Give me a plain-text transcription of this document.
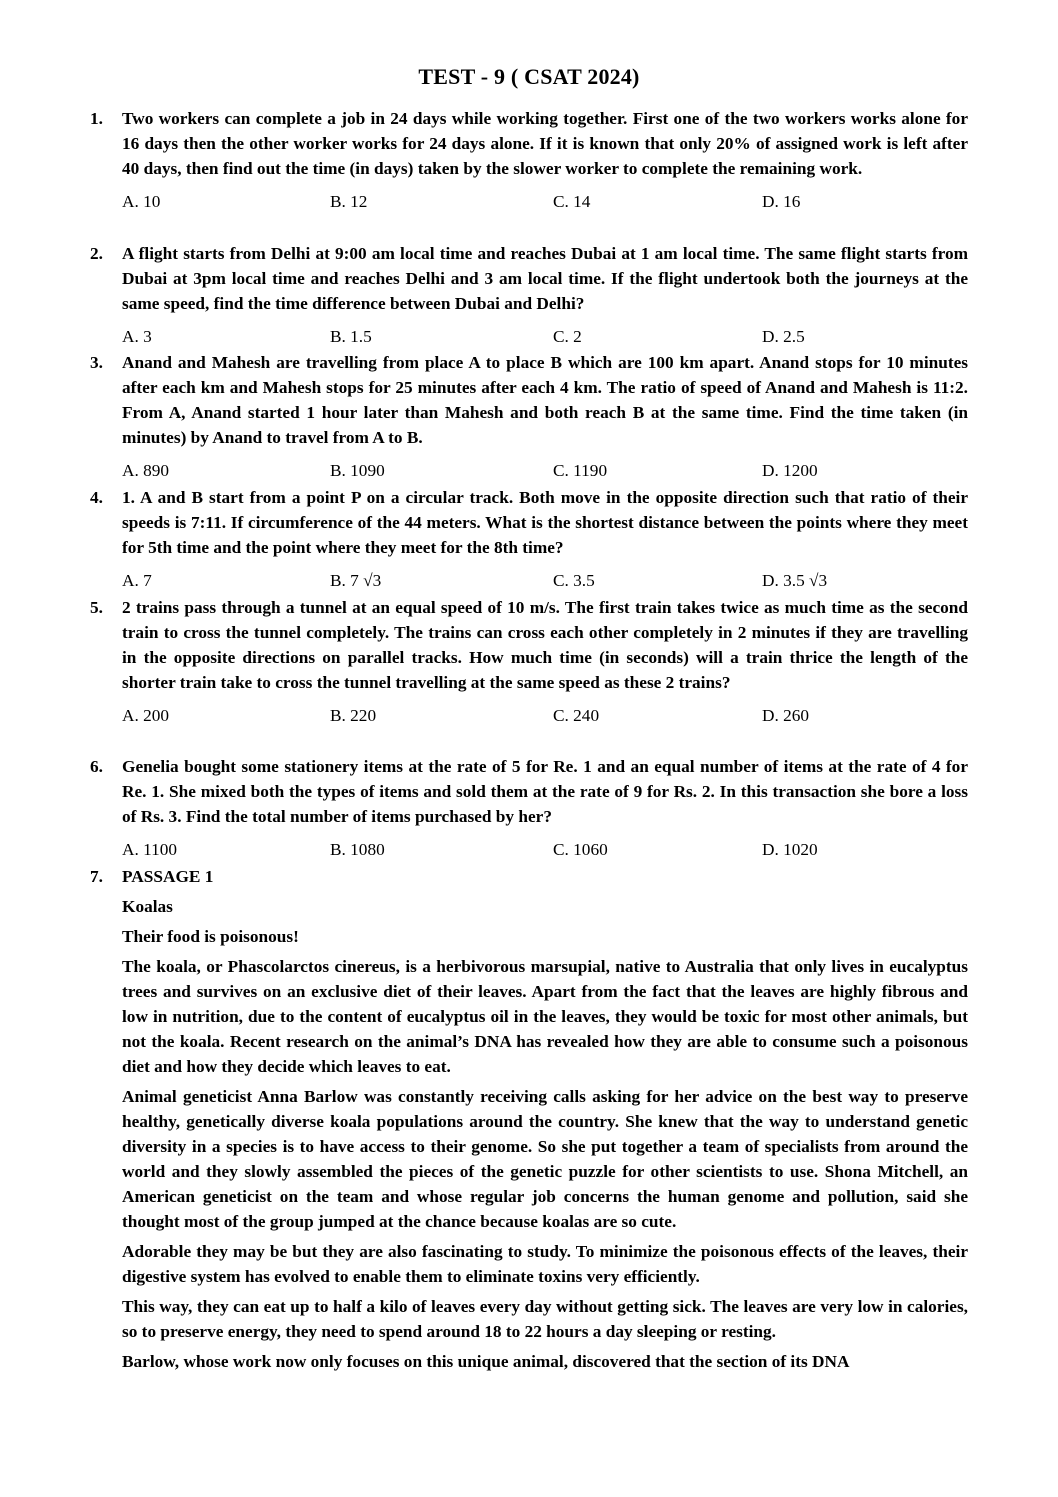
TEST - 9 ( CSAT 2024)
1. Two workers can complete a job in 24 days while working together. First one of the two workers works alone for 16 days then the other worker works for 24 days alone. If it is known that only 20% of assigned work is left after 40 days, then find out the time (in days) taken by the slower worker to complete the remaining work.
A. 10	B. 12	C. 14	D. 16
2. A flight starts from Delhi at 9:00 am local time and reaches Dubai at 1 am local time. The same flight starts from Dubai at 3pm local time and reaches Delhi and 3 am local time. If the flight undertook both the journeys at the same speed, find the time difference between Dubai and Delhi?
A. 3	B. 1.5	C. 2	D. 2.5
3. Anand and Mahesh are travelling from place A to place B which are 100 km apart. Anand stops for 10 minutes after each km and Mahesh stops for 25 minutes after each 4 km. The ratio of speed of Anand and Mahesh is 11:2. From A, Anand started 1 hour later than Mahesh and both reach B at the same time. Find the time taken (in minutes) by Anand to travel from A to B.
A. 890	B. 1090	C. 1190	D. 1200
4. 1. A and B start from a point P on a circular track. Both move in the opposite direction such that ratio of their speeds is 7:11. If circumference of the 44 meters. What is the shortest distance between the points where they meet for 5th time and the point where they meet for the 8th time?
A. 7	B. 7 √3	C. 3.5	D. 3.5 √3
5. 2 trains pass through a tunnel at an equal speed of 10 m/s. The first train takes twice as much time as the second train to cross the tunnel completely. The trains can cross each other completely in 2 minutes if they are travelling in the opposite directions on parallel tracks. How much time (in seconds) will a train thrice the length of the shorter train take to cross the tunnel travelling at the same speed as these 2 trains?
A. 200	B. 220	C. 240	D. 260
6. Genelia bought some stationery items at the rate of 5 for Re. 1 and an equal number of items at the rate of 4 for Re. 1. She mixed both the types of items and sold them at the rate of 9 for Rs. 2. In this transaction she bore a loss of Rs. 3. Find the total number of items purchased by her?
A. 1100	B. 1080	C. 1060	D. 1020
7. PASSAGE 1
Koalas
Their food is poisonous!
The koala, or Phascolarctos cinereus, is a herbivorous marsupial, native to Australia that only lives in eucalyptus trees and survives on an exclusive diet of their leaves. Apart from the fact that the leaves are highly fibrous and low in nutrition, due to the content of eucalyptus oil in the leaves, they would be toxic for most other animals, but not the koala. Recent research on the animal’s DNA has revealed how they are able to consume such a poisonous diet and how they decide which leaves to eat.
Animal geneticist Anna Barlow was constantly receiving calls asking for her advice on the best way to preserve healthy, genetically diverse koala populations around the country. She knew that the way to understand genetic diversity in a species is to have access to their genome. So she put together a team of specialists from around the world and they slowly assembled the pieces of the genetic puzzle for other scientists to use. Shona Mitchell, an American geneticist on the team and whose regular job concerns the human genome and pollution, said she thought most of the group jumped at the chance because koalas are so cute.
Adorable they may be but they are also fascinating to study. To minimize the poisonous effects of the leaves, their digestive system has evolved to enable them to eliminate toxins very efficiently.
This way, they can eat up to half a kilo of leaves every day without getting sick. The leaves are very low in calories, so to preserve energy, they need to spend around 18 to 22 hours a day sleeping or resting.
Barlow, whose work now only focuses on this unique animal, discovered that the section of its DNA
